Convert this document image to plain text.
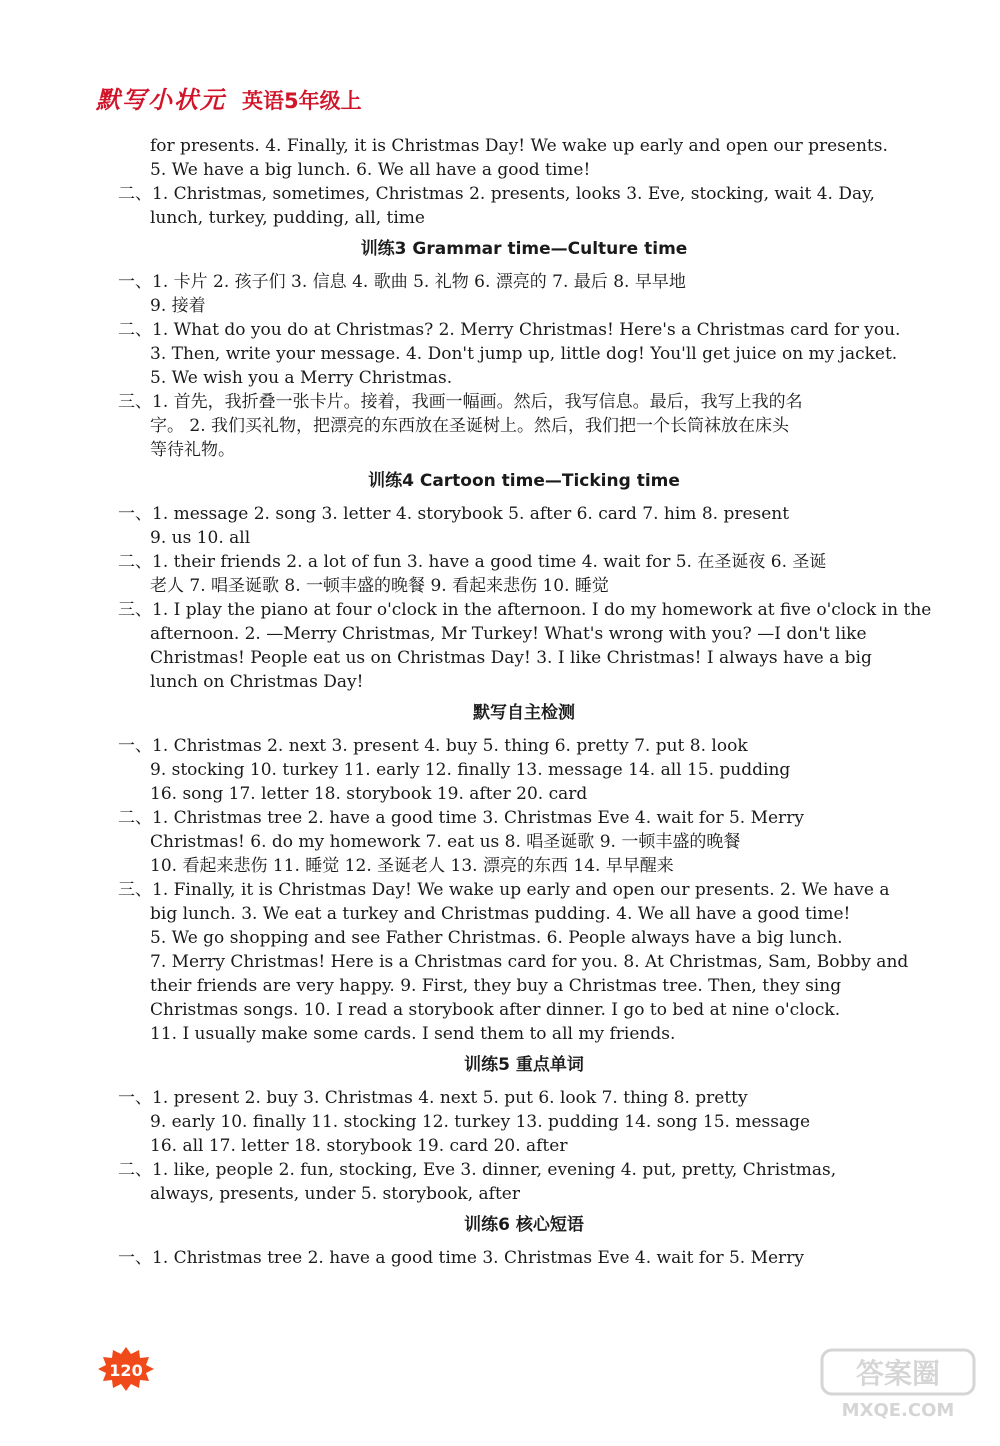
默写小状元 英语5年级上
for presents. 4. Finally, it is Christmas Day! We wake up early and open our presents.
5. We have a big lunch. 6. We all have a good time!
二、1. Christmas, sometimes, Christmas 2. presents, looks 3. Eve, stocking, wait 4. Day,
lunch, turkey, pudding, all, time
训练3 Grammar time—Culture time
一、1. 卡片 2. 孩子们 3. 信息 4. 歌曲 5. 礼物 6. 漂亮的 7. 最后 8. 早早地
9. 接着
二、1. What do you do at Christmas? 2. Merry Christmas! Here's a Christmas card for you.
3. Then, write your message. 4. Don't jump up, little dog! You'll get juice on my jacket.
5. We wish you a Merry Christmas.
三、1. 首先，我折叠一张卡片。接着，我画一幅画。然后，我写信息。最后，我写上我的名
字。 2. 我们买礼物，把漂亮的东西放在圣诞树上。然后，我们把一个长筒袜放在床头
等待礼物。
训练4 Cartoon time—Ticking time
一、1. message 2. song 3. letter 4. storybook 5. after 6. card 7. him 8. present
9. us 10. all
二、1. their friends 2. a lot of fun 3. have a good time 4. wait for 5. 在圣诞夜 6. 圣诞
老人 7. 唱圣诞歌 8. 一顿丰盛的晚餐 9. 看起来悲伤 10. 睡觉
三、1. I play the piano at four o'clock in the afternoon. I do my homework at five o'clock in the
afternoon. 2. —Merry Christmas, Mr Turkey! What's wrong with you? —I don't like
Christmas! People eat us on Christmas Day! 3. I like Christmas! I always have a big
lunch on Christmas Day!
默写自主检测
一、1. Christmas 2. next 3. present 4. buy 5. thing 6. pretty 7. put 8. look
9. stocking 10. turkey 11. early 12. finally 13. message 14. all 15. pudding
16. song 17. letter 18. storybook 19. after 20. card
二、1. Christmas tree 2. have a good time 3. Christmas Eve 4. wait for 5. Merry
Christmas! 6. do my homework 7. eat us 8. 唱圣诞歌 9. 一顿丰盛的晚餐
10. 看起来悲伤 11. 睡觉 12. 圣诞老人 13. 漂亮的东西 14. 早早醒来
三、1. Finally, it is Christmas Day! We wake up early and open our presents. 2. We have a
big lunch. 3. We eat a turkey and Christmas pudding. 4. We all have a good time!
5. We go shopping and see Father Christmas. 6. People always have a big lunch.
7. Merry Christmas! Here is a Christmas card for you. 8. At Christmas, Sam, Bobby and
their friends are very happy. 9. First, they buy a Christmas tree. Then, they sing
Christmas songs. 10. I read a storybook after dinner. I go to bed at nine o'clock.
11. I usually make some cards. I send them to all my friends.
训练5 重点单词
一、1. present 2. buy 3. Christmas 4. next 5. put 6. look 7. thing 8. pretty
9. early 10. finally 11. stocking 12. turkey 13. pudding 14. song 15. message
16. all 17. letter 18. storybook 19. card 20. after
二、1. like, people 2. fun, stocking, Eve 3. dinner, evening 4. put, pretty, Christmas,
always, presents, under 5. storybook, after
训练6 核心短语
一、1. Christmas tree 2. have a good time 3. Christmas Eve 4. wait for 5. Merry
120	答案圈
MXQE.COM
